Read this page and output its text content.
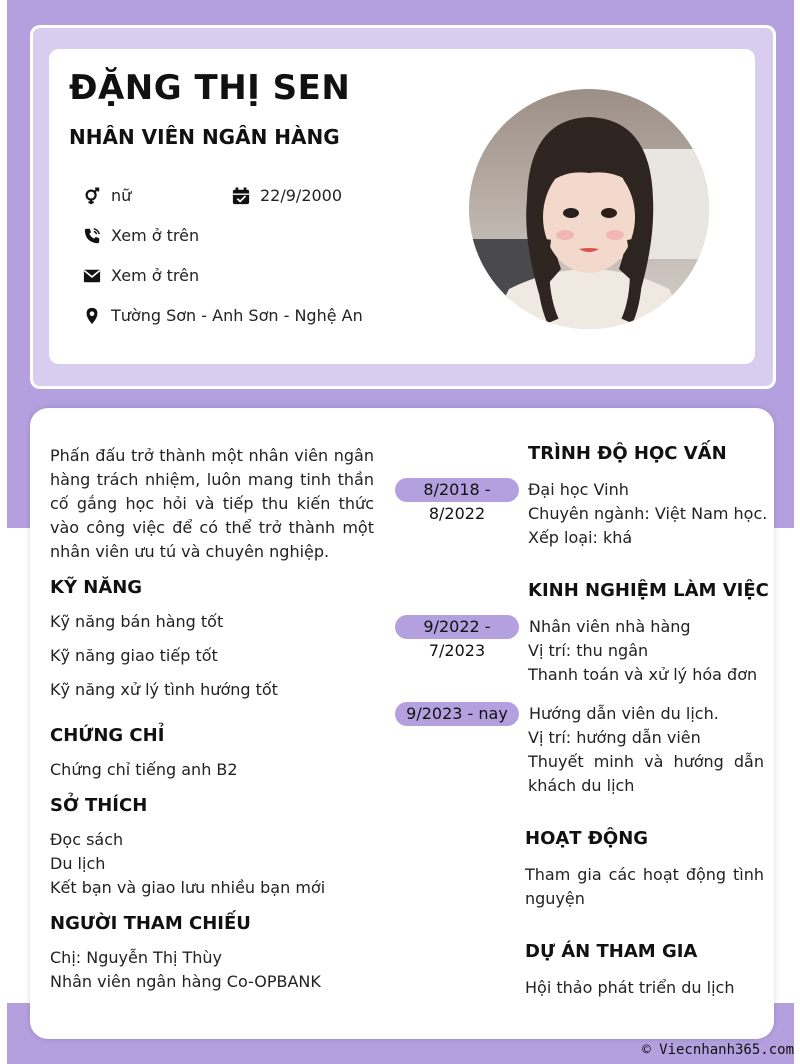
ĐẶNG THỊ SEN
NHÂN VIÊN NGÂN HÀNG
nữ	22/9/2000
Xem ở trên
Xem ở trên
Tường Sơn - Anh Sơn - Nghệ An

Phấn đấu trở thành một nhân viên ngân hàng trách nhiệm, luôn mang tinh thần cố gắng học hỏi và tiếp thu kiến thức vào công việc để có thể trở thành một nhân viên ưu tú và chuyên nghiệp.

KỸ NĂNG

Kỹ năng bán hàng tốt

Kỹ năng giao tiếp tốt

Kỹ năng xử lý tình hướng tốt

CHỨNG CHỈ

Chứng chỉ tiếng anh B2

SỞ THÍCH

Đọc sách

Du lịch

Kết bạn và giao lưu nhiều bạn mới

NGƯỜI THAM CHIẾU

Chị: Nguyễn Thị Thùy

Nhân viên ngân hàng Co-OPBANK

TRÌNH ĐỘ HỌC VẤN
8/2018 - 8/2022

Đại học Vinh

Chuyên ngành: Việt Nam học.

Xếp loại: khá

KINH NGHIỆM LÀM VIỆC
9/2022 - 7/2023

Nhân viên nhà hàng

Vị trí: thu ngân

Thanh toán và xử lý hóa đơn

9/2023 - nay	Hướng dẫn viên du lịch.

Vị trí: hướng dẫn viên

Thuyết minh và hướng dẫn khách du lịch

HOẠT ĐỘNG

Tham gia các hoạt động tình nguyện

DỰ ÁN THAM GIA

Hội thảo phát triển du lịch

© Viecnhanh365.com
